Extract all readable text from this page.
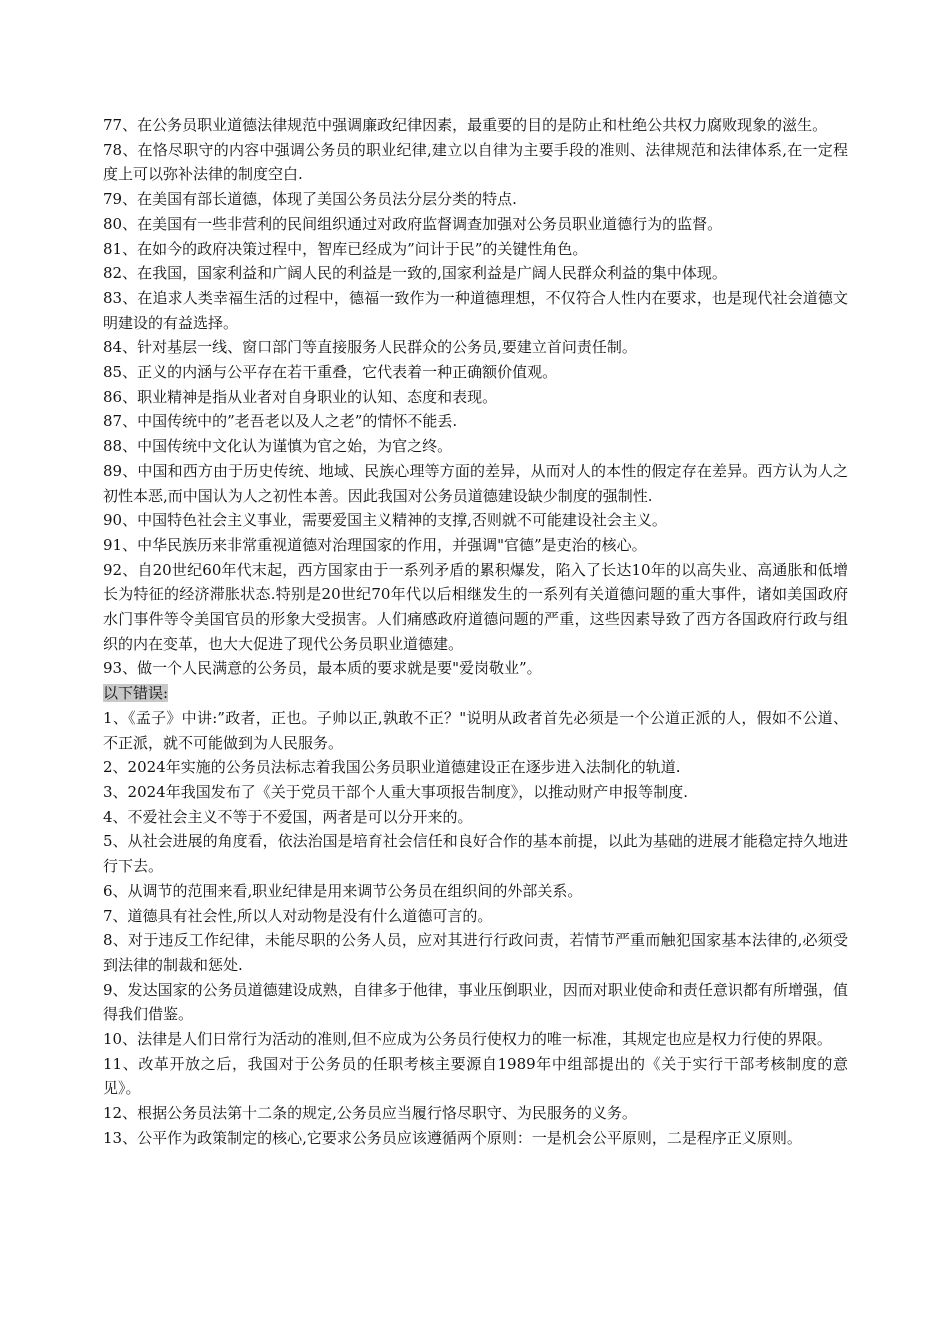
77、在公务员职业道德法律规范中强调廉政纪律因素，最重要的目的是防止和杜绝公共权力腐败现象的滋生。

78、在恪尽职守的内容中强调公务员的职业纪律,建立以自律为主要手段的准则、法律规范和法律体系,在一定程度上可以弥补法律的制度空白.

79、在美国有部长道德，体现了美国公务员法分层分类的特点.

80、在美国有一些非营利的民间组织通过对政府监督调查加强对公务员职业道德行为的监督。

81、在如今的政府决策过程中，智库已经成为”问计于民”的关键性角色。

82、在我国，国家利益和广阔人民的利益是一致的,国家利益是广阔人民群众利益的集中体现。

83、在追求人类幸福生活的过程中，德福一致作为一种道德理想，不仅符合人性内在要求，也是现代社会道德文明建设的有益选择。

84、针对基层一线、窗口部门等直接服务人民群众的公务员,要建立首问责任制。

85、正义的内涵与公平存在若干重叠，它代表着一种正确额价值观。

86、职业精神是指从业者对自身职业的认知、态度和表现。

87、中国传统中的”老吾老以及人之老”的情怀不能丢.

88、中国传统中文化认为谨慎为官之始，为官之终。

89、中国和西方由于历史传统、地域、民族心理等方面的差异，从而对人的本性的假定存在差异。西方认为人之初性本恶,而中国认为人之初性本善。因此我国对公务员道德建设缺少制度的强制性.

90、中国特色社会主义事业，需要爱国主义精神的支撑,否则就不可能建设社会主义。

91、中华民族历来非常重视道德对治理国家的作用，并强调"官德”是吏治的核心。

92、自20世纪60年代末起，西方国家由于一系列矛盾的累积爆发，陷入了长达10年的以高失业、高通胀和低增长为特征的经济滞胀状态.特别是20世纪70年代以后相继发生的一系列有关道德问题的重大事件，诸如美国政府水门事件等令美国官员的形象大受损害。人们痛感政府道德问题的严重，这些因素导致了西方各国政府行政与组织的内在变革，也大大促进了现代公务员职业道德建。

93、做一个人民满意的公务员，最本质的要求就是要"爱岗敬业”。

以下错误:

1、《孟子》中讲:”政者，正也。子帅以正,孰敢不正？"说明从政者首先必须是一个公道正派的人，假如不公道、不正派，就不可能做到为人民服务。

2、2024年实施的公务员法标志着我国公务员职业道德建设正在逐步进入法制化的轨道.

3、2024年我国发布了《关于党员干部个人重大事项报告制度》，以推动财产申报等制度.

4、不爱社会主义不等于不爱国，两者是可以分开来的。

5、从社会进展的角度看，依法治国是培育社会信任和良好合作的基本前提，以此为基础的进展才能稳定持久地进行下去。

6、从调节的范围来看,职业纪律是用来调节公务员在组织间的外部关系。

7、道德具有社会性,所以人对动物是没有什么道德可言的。

8、对于违反工作纪律，未能尽职的公务人员，应对其进行行政问责，若情节严重而触犯国家基本法律的,必须受到法律的制裁和惩处.

9、发达国家的公务员道德建设成熟，自律多于他律，事业压倒职业，因而对职业使命和责任意识都有所增强，值得我们借鉴。

10、法律是人们日常行为活动的准则,但不应成为公务员行使权力的唯一标准，其规定也应是权力行使的界限。

11、改革开放之后，我国对于公务员的任职考核主要源自1989年中组部提出的《关于实行干部考核制度的意见》。

12、根据公务员法第十二条的规定,公务员应当履行恪尽职守、为民服务的义务。

13、公平作为政策制定的核心,它要求公务员应该遵循两个原则：一是机会公平原则，二是程序正义原则。
